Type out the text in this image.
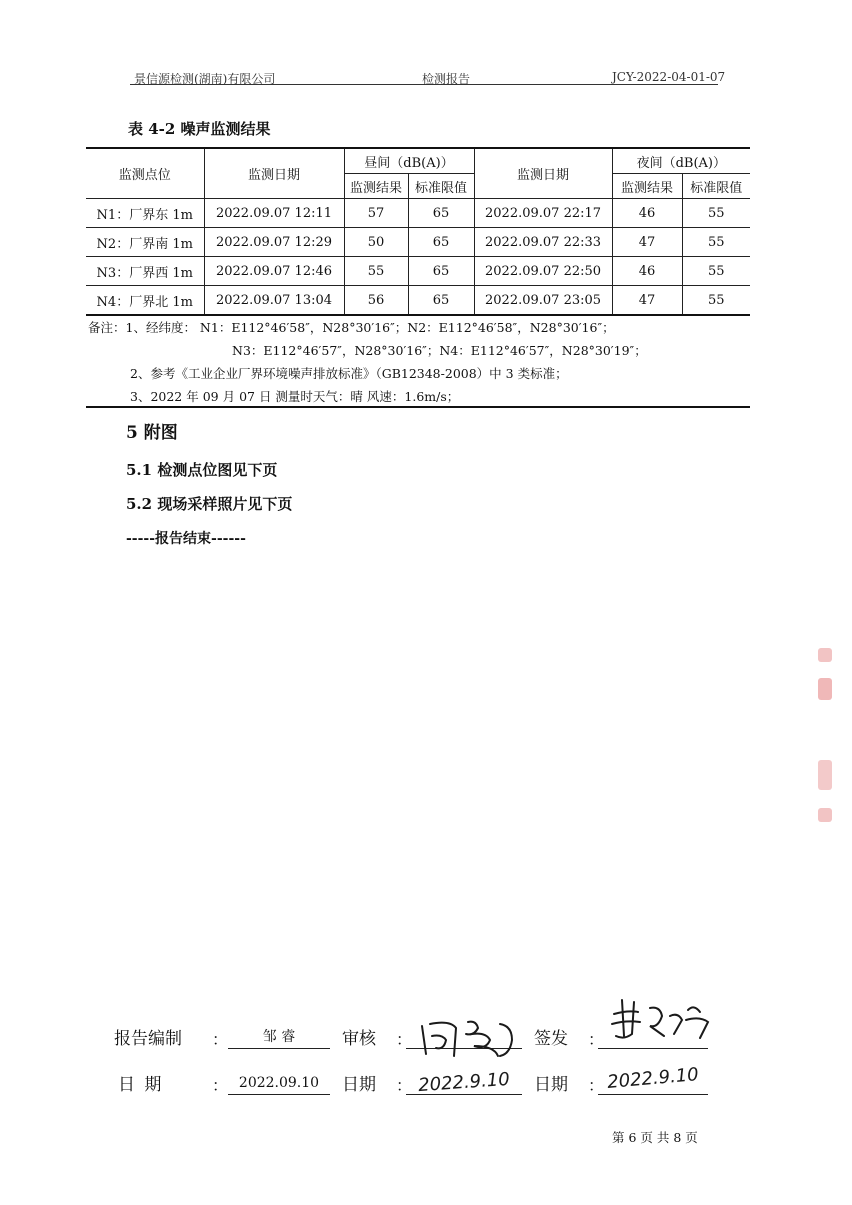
景信源检测(湖南)有限公司	检测报告	JCY-2022-04-01-07
表 4-2 噪声监测结果
监测点位	监测日期	昼间（dB(A)）		监测日期	夜间（dB(A)）	
		监测结果	标准限值		监测结果	标准限值
N1：厂界东 1m	2022.09.07 12:11	57	65	2022.09.07 22:17	46	55
N2：厂界南 1m	2022.09.07 12:29	50	65	2022.09.07 22:33	47	55
N3：厂界西 1m	2022.09.07 12:46	55	65	2022.09.07 22:50	46	55
N4：厂界北 1m	2022.09.07 13:04	56	65	2022.09.07 23:05	47	55
备注：1、经纬度： N1：E112°46′58″，N28°30′16″；N2：E112°46′58″，N28°30′16″；
N3：E112°46′57″，N28°30′16″；N4：E112°46′57″，N28°30′19″；
2、参考《工业企业厂界环境噪声排放标准》（GB12348-2008）中 3 类标准；
3、2022 年 09 月 07 日 测量时天气：晴 风速：1.6m/s；
5 附图
5.1 检测点位图见下页
5.2 现场采样照片见下页
-----报告结束------
报告编制 ：	邹 睿	审核 ：	签发 ：
日 期	： 2022.09.10	日期 ： 2022.9.10	日期 ： 2022.9.10
第 6 页 共 8 页
